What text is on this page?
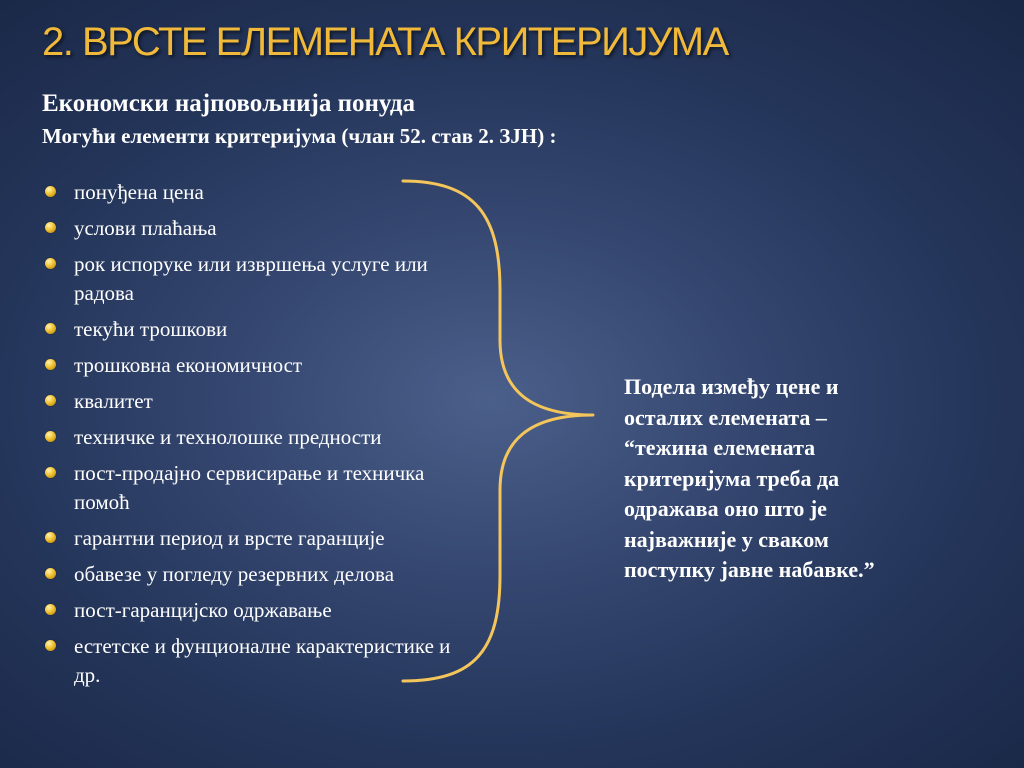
2. ВРСТЕ ЕЛЕМЕНАТА КРИТЕРИЈУМА
Економски најповољнија понуда
Могући елементи критеријума (члан 52. став 2. ЗЈН) :
понуђена цена
услови плаћања
рок испоруке или извршења услуге или радова
текући трошкови
трошковна економичност
квалитет
техничке и технолошке предности
пост-продајно сервисирање и техничка помоћ
гарантни период и врсте гаранције
обавезе у погледу резервних делова
пост-гаранцијско одржавање
естетске и фунционалне карактеристике и др.
Подела између цене и
осталих елемената –
“тежина елемената
критеријума треба да
одражава оно што је
најважније у сваком
поступку јавне набавке.”
